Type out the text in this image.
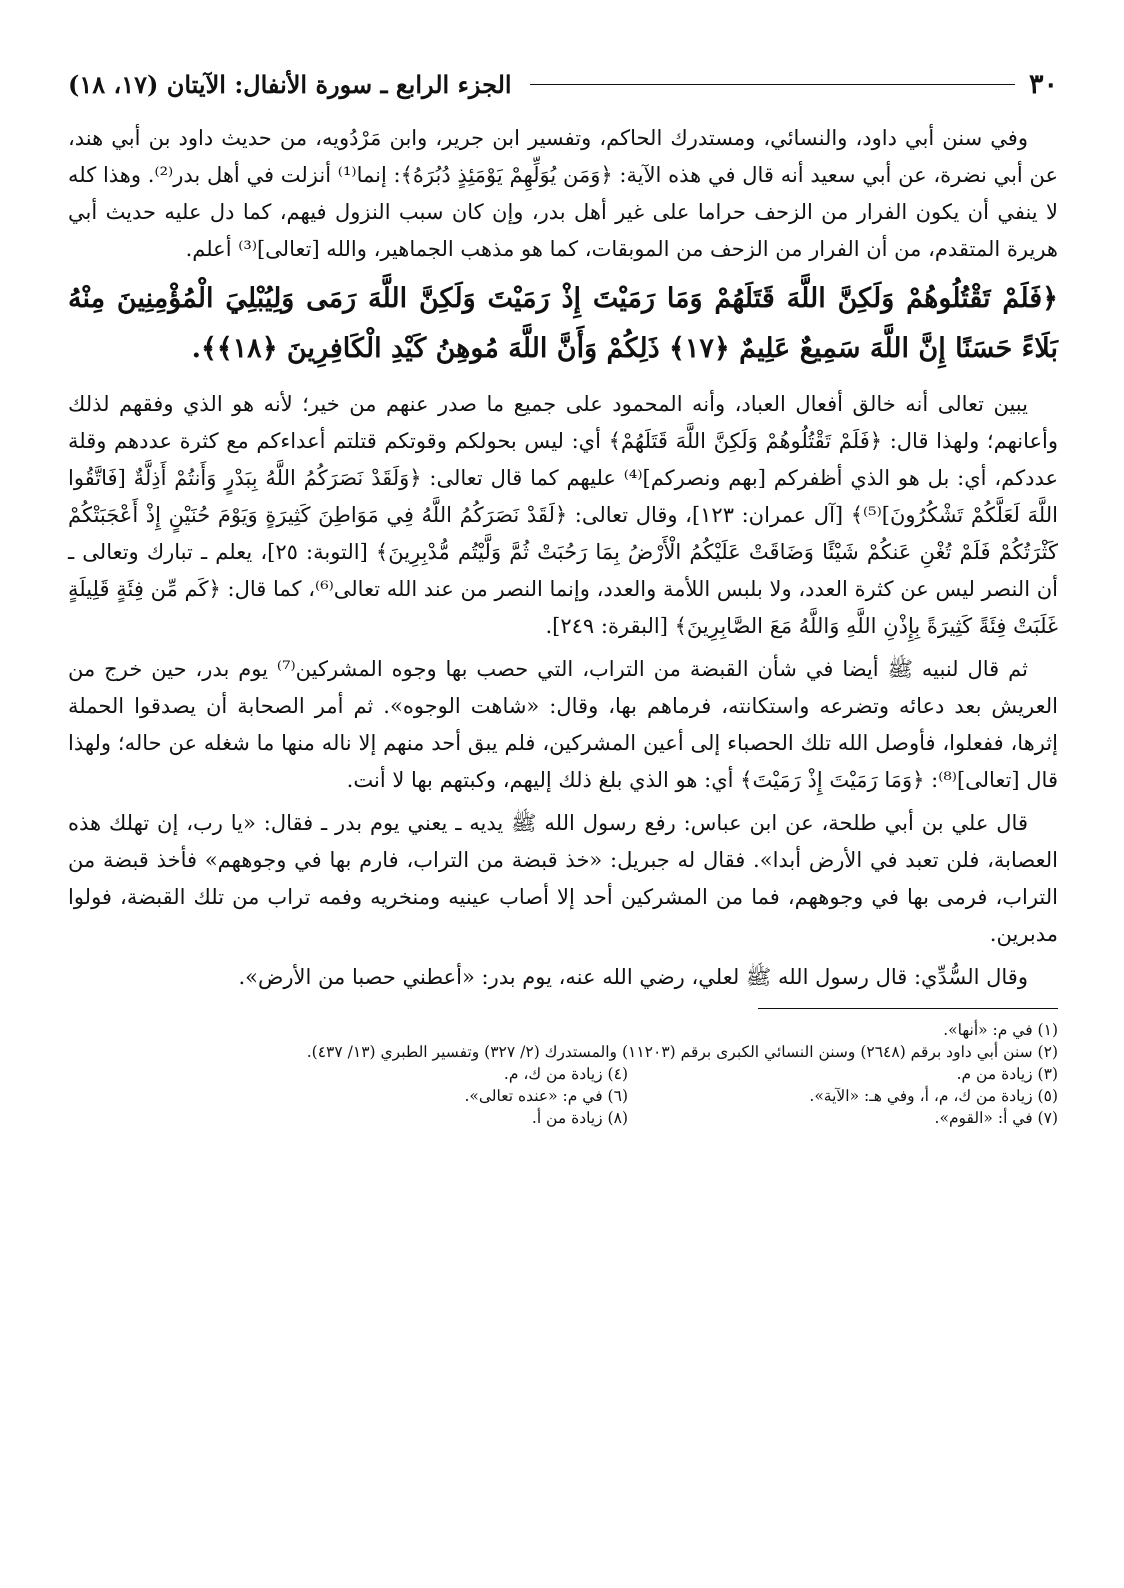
٣٠
الجزء الرابع ـ سورة الأنفال: الآيتان (١٧، ١٨)

وفي سنن أبي داود، والنسائي، ومستدرك الحاكم، وتفسير ابن جرير، وابن مَرْدُويه، من حديث داود بن أبي هند، عن أبي نضرة، عن أبي سعيد أنه قال في هذه الآية: ﴿وَمَن يُوَلِّهِمْ يَوْمَئِذٍ دُبُرَهُ﴾: إنما⁽¹⁾ أنزلت في أهل بدر⁽²⁾. وهذا كله لا ينفي أن يكون الفرار من الزحف حراما على غير أهل بدر، وإن كان سبب النزول فيهم، كما دل عليه حديث أبي هريرة المتقدم، من أن الفرار من الزحف من الموبقات، كما هو مذهب الجماهير، والله [تعالى]⁽³⁾ أعلم.

﴿فَلَمْ تَقْتُلُوهُمْ وَلَكِنَّ اللَّهَ قَتَلَهُمْ وَمَا رَمَيْتَ إِذْ رَمَيْتَ وَلَكِنَّ اللَّهَ رَمَى وَلِيُبْلِيَ الْمُؤْمِنِينَ مِنْهُ بَلَاءً حَسَنًا إِنَّ اللَّهَ سَمِيعٌ عَلِيمٌ ﴿١٧﴾ ذَلِكُمْ وَأَنَّ اللَّهَ مُوهِنُ كَيْدِ الْكَافِرِينَ ﴿١٨﴾﴾.

يبين تعالى أنه خالق أفعال العباد، وأنه المحمود على جميع ما صدر عنهم من خير؛ لأنه هو الذي وفقهم لذلك وأعانهم؛ ولهذا قال: ﴿فَلَمْ تَقْتُلُوهُمْ وَلَكِنَّ اللَّهَ قَتَلَهُمْ﴾ أي: ليس بحولكم وقوتكم قتلتم أعداءكم مع كثرة عددهم وقلة عددكم، أي: بل هو الذي أظفركم [بهم ونصركم]⁽⁴⁾ عليهم كما قال تعالى: ﴿وَلَقَدْ نَصَرَكُمُ اللَّهُ بِبَدْرٍ وَأَنتُمْ أَذِلَّةٌ [فَاتَّقُوا اللَّهَ لَعَلَّكُمْ تَشْكُرُونَ]⁽⁵⁾﴾ [آل عمران: ١٢٣]، وقال تعالى: ﴿لَقَدْ نَصَرَكُمُ اللَّهُ فِي مَوَاطِنَ كَثِيرَةٍ وَيَوْمَ حُنَيْنٍ إِذْ أَعْجَبَتْكُمْ كَثْرَتُكُمْ فَلَمْ تُغْنِ عَنكُمْ شَيْئًا وَضَاقَتْ عَلَيْكُمُ الْأَرْضُ بِمَا رَحُبَتْ ثُمَّ وَلَّيْتُم مُّدْبِرِينَ﴾ [التوبة: ٢٥]، يعلم ـ تبارك وتعالى ـ أن النصر ليس عن كثرة العدد، ولا بلبس اللأمة والعدد، وإنما النصر من عند الله تعالى⁽⁶⁾، كما قال: ﴿كَم مِّن فِئَةٍ قَلِيلَةٍ غَلَبَتْ فِئَةً كَثِيرَةً بِإِذْنِ اللَّهِ وَاللَّهُ مَعَ الصَّابِرِينَ﴾ [البقرة: ٢٤٩].

ثم قال لنبيه ﷺ أيضا في شأن القبضة من التراب، التي حصب بها وجوه المشركين⁽⁷⁾ يوم بدر، حين خرج من العريش بعد دعائه وتضرعه واستكانته، فرماهم بها، وقال: «شاهت الوجوه». ثم أمر الصحابة أن يصدقوا الحملة إثرها، ففعلوا، فأوصل الله تلك الحصباء إلى أعين المشركين، فلم يبق أحد منهم إلا ناله منها ما شغله عن حاله؛ ولهذا قال [تعالى]⁽⁸⁾: ﴿وَمَا رَمَيْتَ إِذْ رَمَيْتَ﴾ أي: هو الذي بلغ ذلك إليهم، وكبتهم بها لا أنت.

قال علي بن أبي طلحة، عن ابن عباس: رفع رسول الله ﷺ يديه ـ يعني يوم بدر ـ فقال: «يا رب، إن تهلك هذه العصابة، فلن تعبد في الأرض أبدا». فقال له جبريل: «خذ قبضة من التراب، فارم بها في وجوههم» فأخذ قبضة من التراب، فرمى بها في وجوههم، فما من المشركين أحد إلا أصاب عينيه ومنخريه وفمه تراب من تلك القبضة، فولوا مدبرين.

وقال السُّدِّي: قال رسول الله ﷺ لعلي، رضي الله عنه، يوم بدر: «أعطني حصبا من الأرض».

(١) في م: «أنها».
(٢) سنن أبي داود برقم (٢٦٤٨) وسنن النسائي الكبرى برقم (١١٢٠٣) والمستدرك (٢/ ٣٢٧) وتفسير الطبري (١٣/ ٤٣٧).
(٣) زيادة من م.
(٤) زيادة من ك، م.
(٥) زيادة من ك، م، أ، وفي هـ: «الآية».
(٦) في م: «عنده تعالى».
(٧) في أ: «القوم».
(٨) زيادة من أ.
